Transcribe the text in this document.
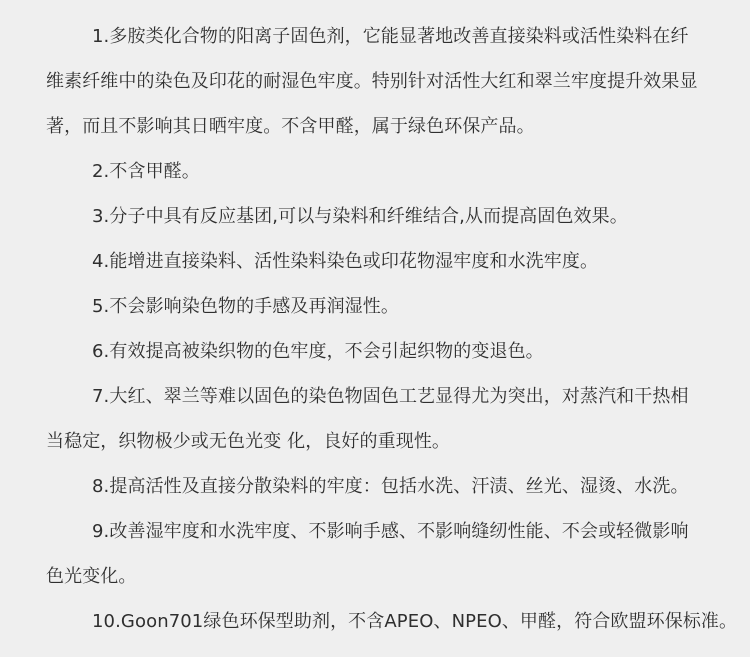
1.多胺类化合物的阳离子固色剂，它能显著地改善直接染料或活性染料在纤
维素纤维中的染色及印花的耐湿色牢度。特别针对活性大红和翠兰牢度提升效果显
著，而且不影响其日晒牢度。不含甲醛，属于绿色环保产品。
2.不含甲醛。
3.分子中具有反应基团,可以与染料和纤维结合,从而提高固色效果。
4.能增进直接染料、活性染料染色或印花物湿牢度和水洗牢度。
5.不会影响染色物的手感及再润湿性。
6.有效提高被染织物的色牢度，不会引起织物的变退色。
7.大红、翠兰等难以固色的染色物固色工艺显得尤为突出，对蒸汽和干热相
当稳定，织物极少或无色光变 化，良好的重现性。
8.提高活性及直接分散染料的牢度：包括水洗、汗渍、丝光、湿烫、水洗。
9.改善湿牢度和水洗牢度、不影响手感、不影响缝纫性能、不会或轻微影响
色光变化。
10.Goon701绿色环保型助剂，不含APEO、NPEO、甲醛，符合欧盟环保标准。
